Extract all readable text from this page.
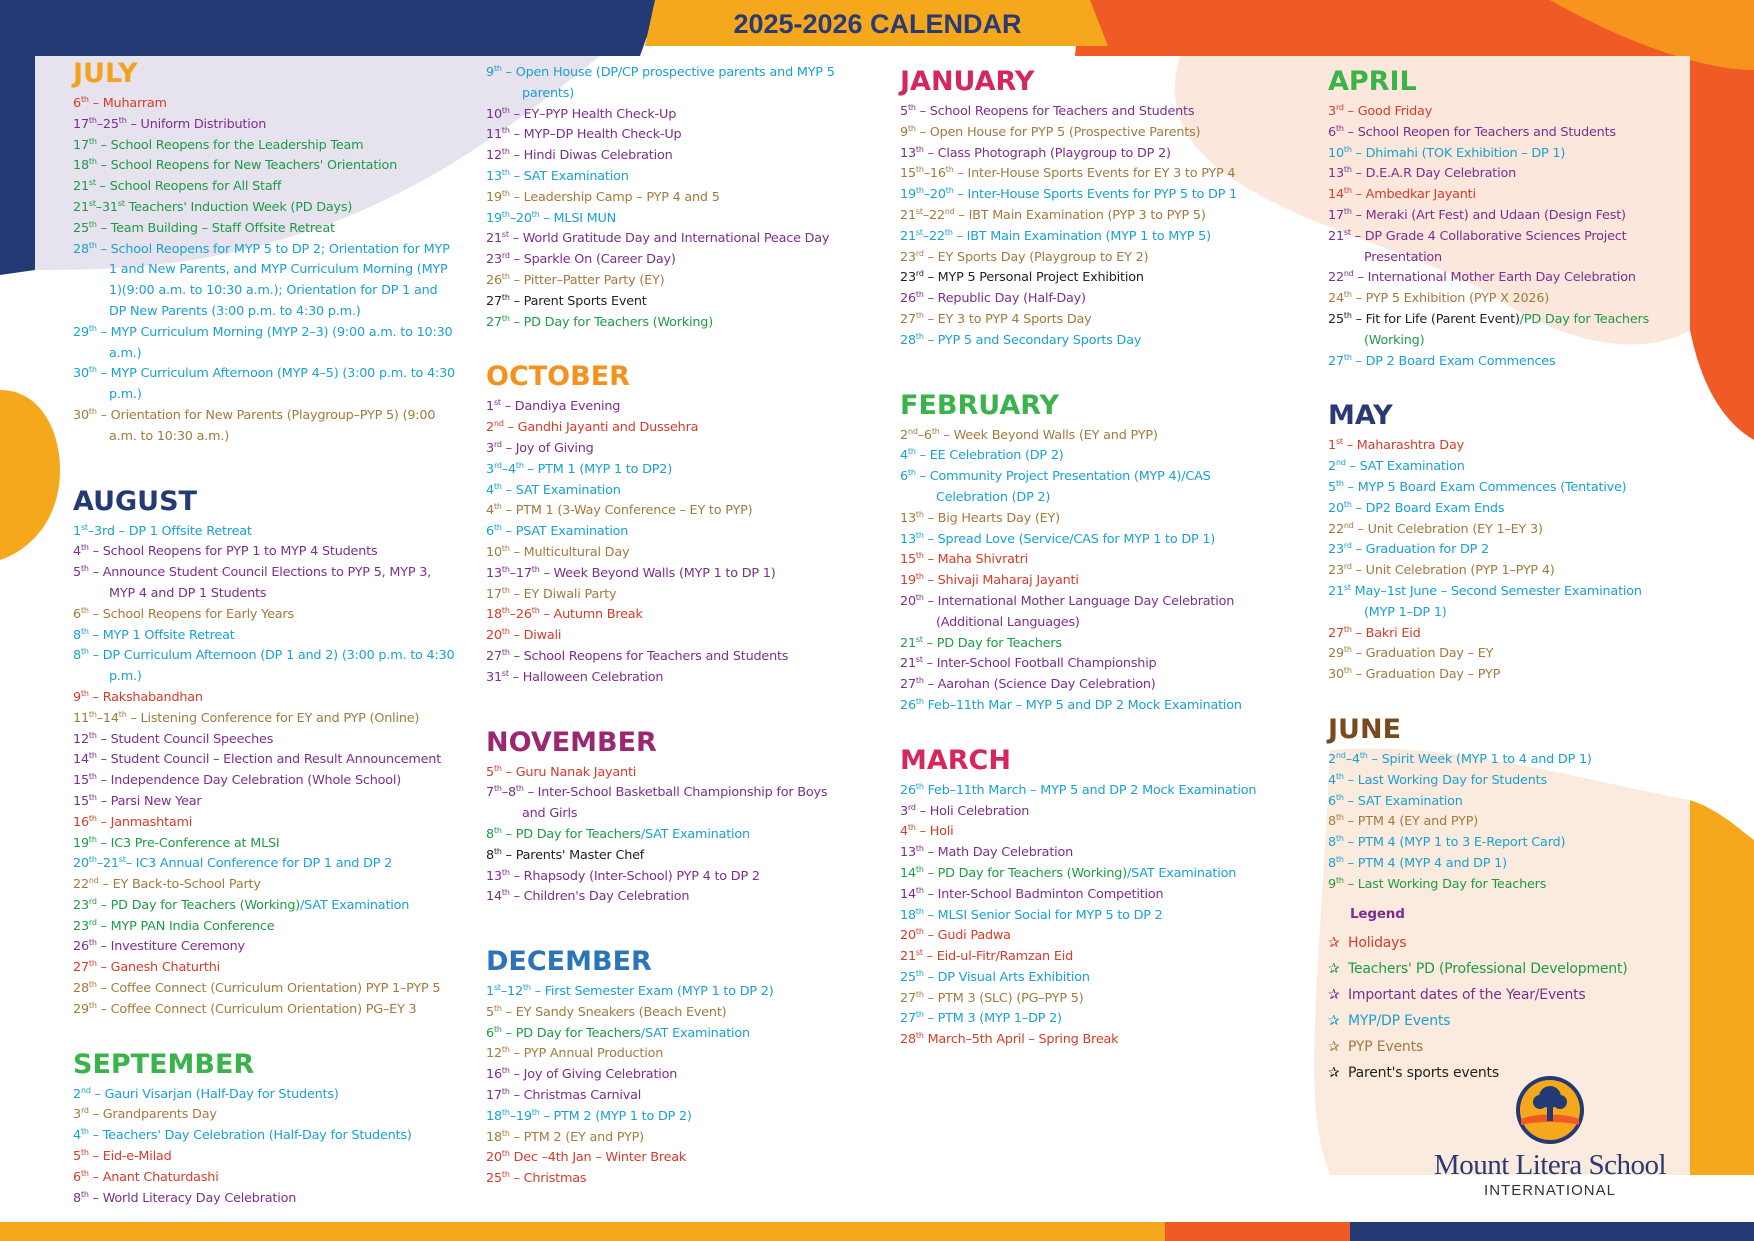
2025-2026 CALENDAR
JULY
6th – Muharram
17th–25th – Uniform Distribution
17th – School Reopens for the Leadership Team
18th – School Reopens for New Teachers' Orientation
21st – School Reopens for All Staff
21st–31st Teachers' Induction Week (PD Days)
25th – Team Building – Staff Offsite Retreat
28th – School Reopens for MYP 5 to DP 2; Orientation for MYP 1 and New Parents, and MYP Curriculum Morning (MYP 1)(9:00 a.m. to 10:30 a.m.); Orientation for DP 1 and DP New Parents (3:00 p.m. to 4:30 p.m.)
29th – MYP Curriculum Morning (MYP 2–3) (9:00 a.m. to 10:30 a.m.)
30th – MYP Curriculum Afternoon (MYP 4–5) (3:00 p.m. to 4:30 p.m.)
30th – Orientation for New Parents (Playgroup–PYP 5) (9:00 a.m. to 10:30 a.m.)
AUGUST
1st–3rd – DP 1 Offsite Retreat
4th – School Reopens for PYP 1 to MYP 4 Students
5th – Announce Student Council Elections to PYP 5, MYP 3, MYP 4 and DP 1 Students
6th – School Reopens for Early Years
8th – MYP 1 Offsite Retreat
8th – DP Curriculum Afternoon (DP 1 and 2) (3:00 p.m. to 4:30 p.m.)
9th – Rakshabandhan
11th–14th – Listening Conference for EY and PYP (Online)
12th – Student Council Speeches
14th – Student Council – Election and Result Announcement
15th – Independence Day Celebration (Whole School)
15th – Parsi New Year
16th – Janmashtami
19th – IC3 Pre-Conference at MLSI
20th–21st– IC3 Annual Conference for DP 1 and DP 2
22nd – EY Back-to-School Party
23rd – PD Day for Teachers (Working)/SAT Examination
23rd – MYP PAN India Conference
26th – Investiture Ceremony
27th – Ganesh Chaturthi
28th – Coffee Connect (Curriculum Orientation) PYP 1–PYP 5
29th – Coffee Connect (Curriculum Orientation) PG–EY 3
SEPTEMBER
2nd – Gauri Visarjan (Half-Day for Students)
3rd – Grandparents Day
4th – Teachers' Day Celebration (Half-Day for Students)
5th – Eid-e-Milad
6th – Anant Chaturdashi
8th – World Literacy Day Celebration
9th – Open House (DP/CP prospective parents and MYP 5 parents)
10th – EY–PYP Health Check-Up
11th – MYP–DP Health Check-Up
12th – Hindi Diwas Celebration
13th – SAT Examination
19th – Leadership Camp – PYP 4 and 5
19th–20th – MLSI MUN
21st – World Gratitude Day and International Peace Day
23rd – Sparkle On (Career Day)
26th – Pitter–Patter Party (EY)
27th – Parent Sports Event
27th – PD Day for Teachers (Working)
OCTOBER
1st – Dandiya Evening
2nd – Gandhi Jayanti and Dussehra
3rd – Joy of Giving
3rd–4th – PTM 1 (MYP 1 to DP2)
4th – SAT Examination
4th – PTM 1 (3-Way Conference – EY to PYP)
6th – PSAT Examination
10th – Multicultural Day
13th–17th – Week Beyond Walls (MYP 1 to DP 1)
17th – EY Diwali Party
18th–26th – Autumn Break
20th – Diwali
27th – School Reopens for Teachers and Students
31st – Halloween Celebration
NOVEMBER
5th – Guru Nanak Jayanti
7th–8th – Inter-School Basketball Championship for Boys and Girls
8th – PD Day for Teachers/SAT Examination
8th – Parents' Master Chef
13th – Rhapsody (Inter-School) PYP 4 to DP 2
14th – Children's Day Celebration
DECEMBER
1st–12th – First Semester Exam (MYP 1 to DP 2)
5th – EY Sandy Sneakers (Beach Event)
6th – PD Day for Teachers/SAT Examination
12th – PYP Annual Production
16th – Joy of Giving Celebration
17th – Christmas Carnival
18th–19th – PTM 2 (MYP 1 to DP 2)
18th – PTM 2 (EY and PYP)
20th Dec –4th Jan – Winter Break
25th – Christmas
JANUARY
5th – School Reopens for Teachers and Students
9th – Open House for PYP 5 (Prospective Parents)
13th – Class Photograph (Playgroup to DP 2)
15th–16th – Inter-House Sports Events for EY 3 to PYP 4
19th–20th – Inter-House Sports Events for PYP 5 to DP 1
21st–22nd – IBT Main Examination (PYP 3 to PYP 5)
21st–22th – IBT Main Examination (MYP 1 to MYP 5)
23rd – EY Sports Day (Playgroup to EY 2)
23rd – MYP 5 Personal Project Exhibition
26th – Republic Day (Half-Day)
27th – EY 3 to PYP 4 Sports Day
28th – PYP 5 and Secondary Sports Day
FEBRUARY
2nd–6th – Week Beyond Walls (EY and PYP)
4th – EE Celebration (DP 2)
6th – Community Project Presentation (MYP 4)/CAS Celebration (DP 2)
13th – Big Hearts Day (EY)
13th – Spread Love (Service/CAS for MYP 1 to DP 1)
15th – Maha Shivratri
19th – Shivaji Maharaj Jayanti
20th – International Mother Language Day Celebration (Additional Languages)
21st – PD Day for Teachers
21st – Inter-School Football Championship
27th – Aarohan (Science Day Celebration)
26th Feb–11th Mar – MYP 5 and DP 2 Mock Examination
MARCH
26th Feb–11th March – MYP 5 and DP 2 Mock Examination
3rd – Holi Celebration
4th – Holi
13th – Math Day Celebration
14th – PD Day for Teachers (Working)/SAT Examination
14th – Inter-School Badminton Competition
18th – MLSI Senior Social for MYP 5 to DP 2
20th – Gudi Padwa
21st – Eid-ul-Fitr/Ramzan Eid
25th – DP Visual Arts Exhibition
27th – PTM 3 (SLC) (PG–PYP 5)
27th – PTM 3 (MYP 1–DP 2)
28th March–5th April – Spring Break
APRIL
3rd – Good Friday
6th – School Reopen for Teachers and Students
10th – Dhimahi (TOK Exhibition – DP 1)
13th – D.E.A.R Day Celebration
14th – Ambedkar Jayanti
17th – Meraki (Art Fest) and Udaan (Design Fest)
21st – DP Grade 4 Collaborative Sciences Project Presentation
22nd – International Mother Earth Day Celebration
24th – PYP 5 Exhibition (PYP X 2026)
25th – Fit for Life (Parent Event)/PD Day for Teachers (Working)
27th – DP 2 Board Exam Commences
MAY
1st – Maharashtra Day
2nd – SAT Examination
5th – MYP 5 Board Exam Commences (Tentative)
20th – DP2 Board Exam Ends
22nd – Unit Celebration (EY 1–EY 3)
23rd – Graduation for DP 2
23rd – Unit Celebration (PYP 1–PYP 4)
21st May–1st June – Second Semester Examination (MYP 1–DP 1)
27th – Bakri Eid
29th – Graduation Day – EY
30th – Graduation Day – PYP
JUNE
2nd–4th – Spirit Week (MYP 1 to 4 and DP 1)
4th – Last Working Day for Students
6th – SAT Examination
8th – PTM 4 (EY and PYP)
8th – PTM 4 (MYP 1 to 3 E-Report Card)
8th – PTM 4 (MYP 4 and DP 1)
9th – Last Working Day for Teachers
Legend
✰ Holidays
✰ Teachers' PD (Professional Development)
✰ Important dates of the Year/Events
✰ MYP/DP Events
✰ PYP Events
✰ Parent's sports events
Mount Litera School
INTERNATIONAL
